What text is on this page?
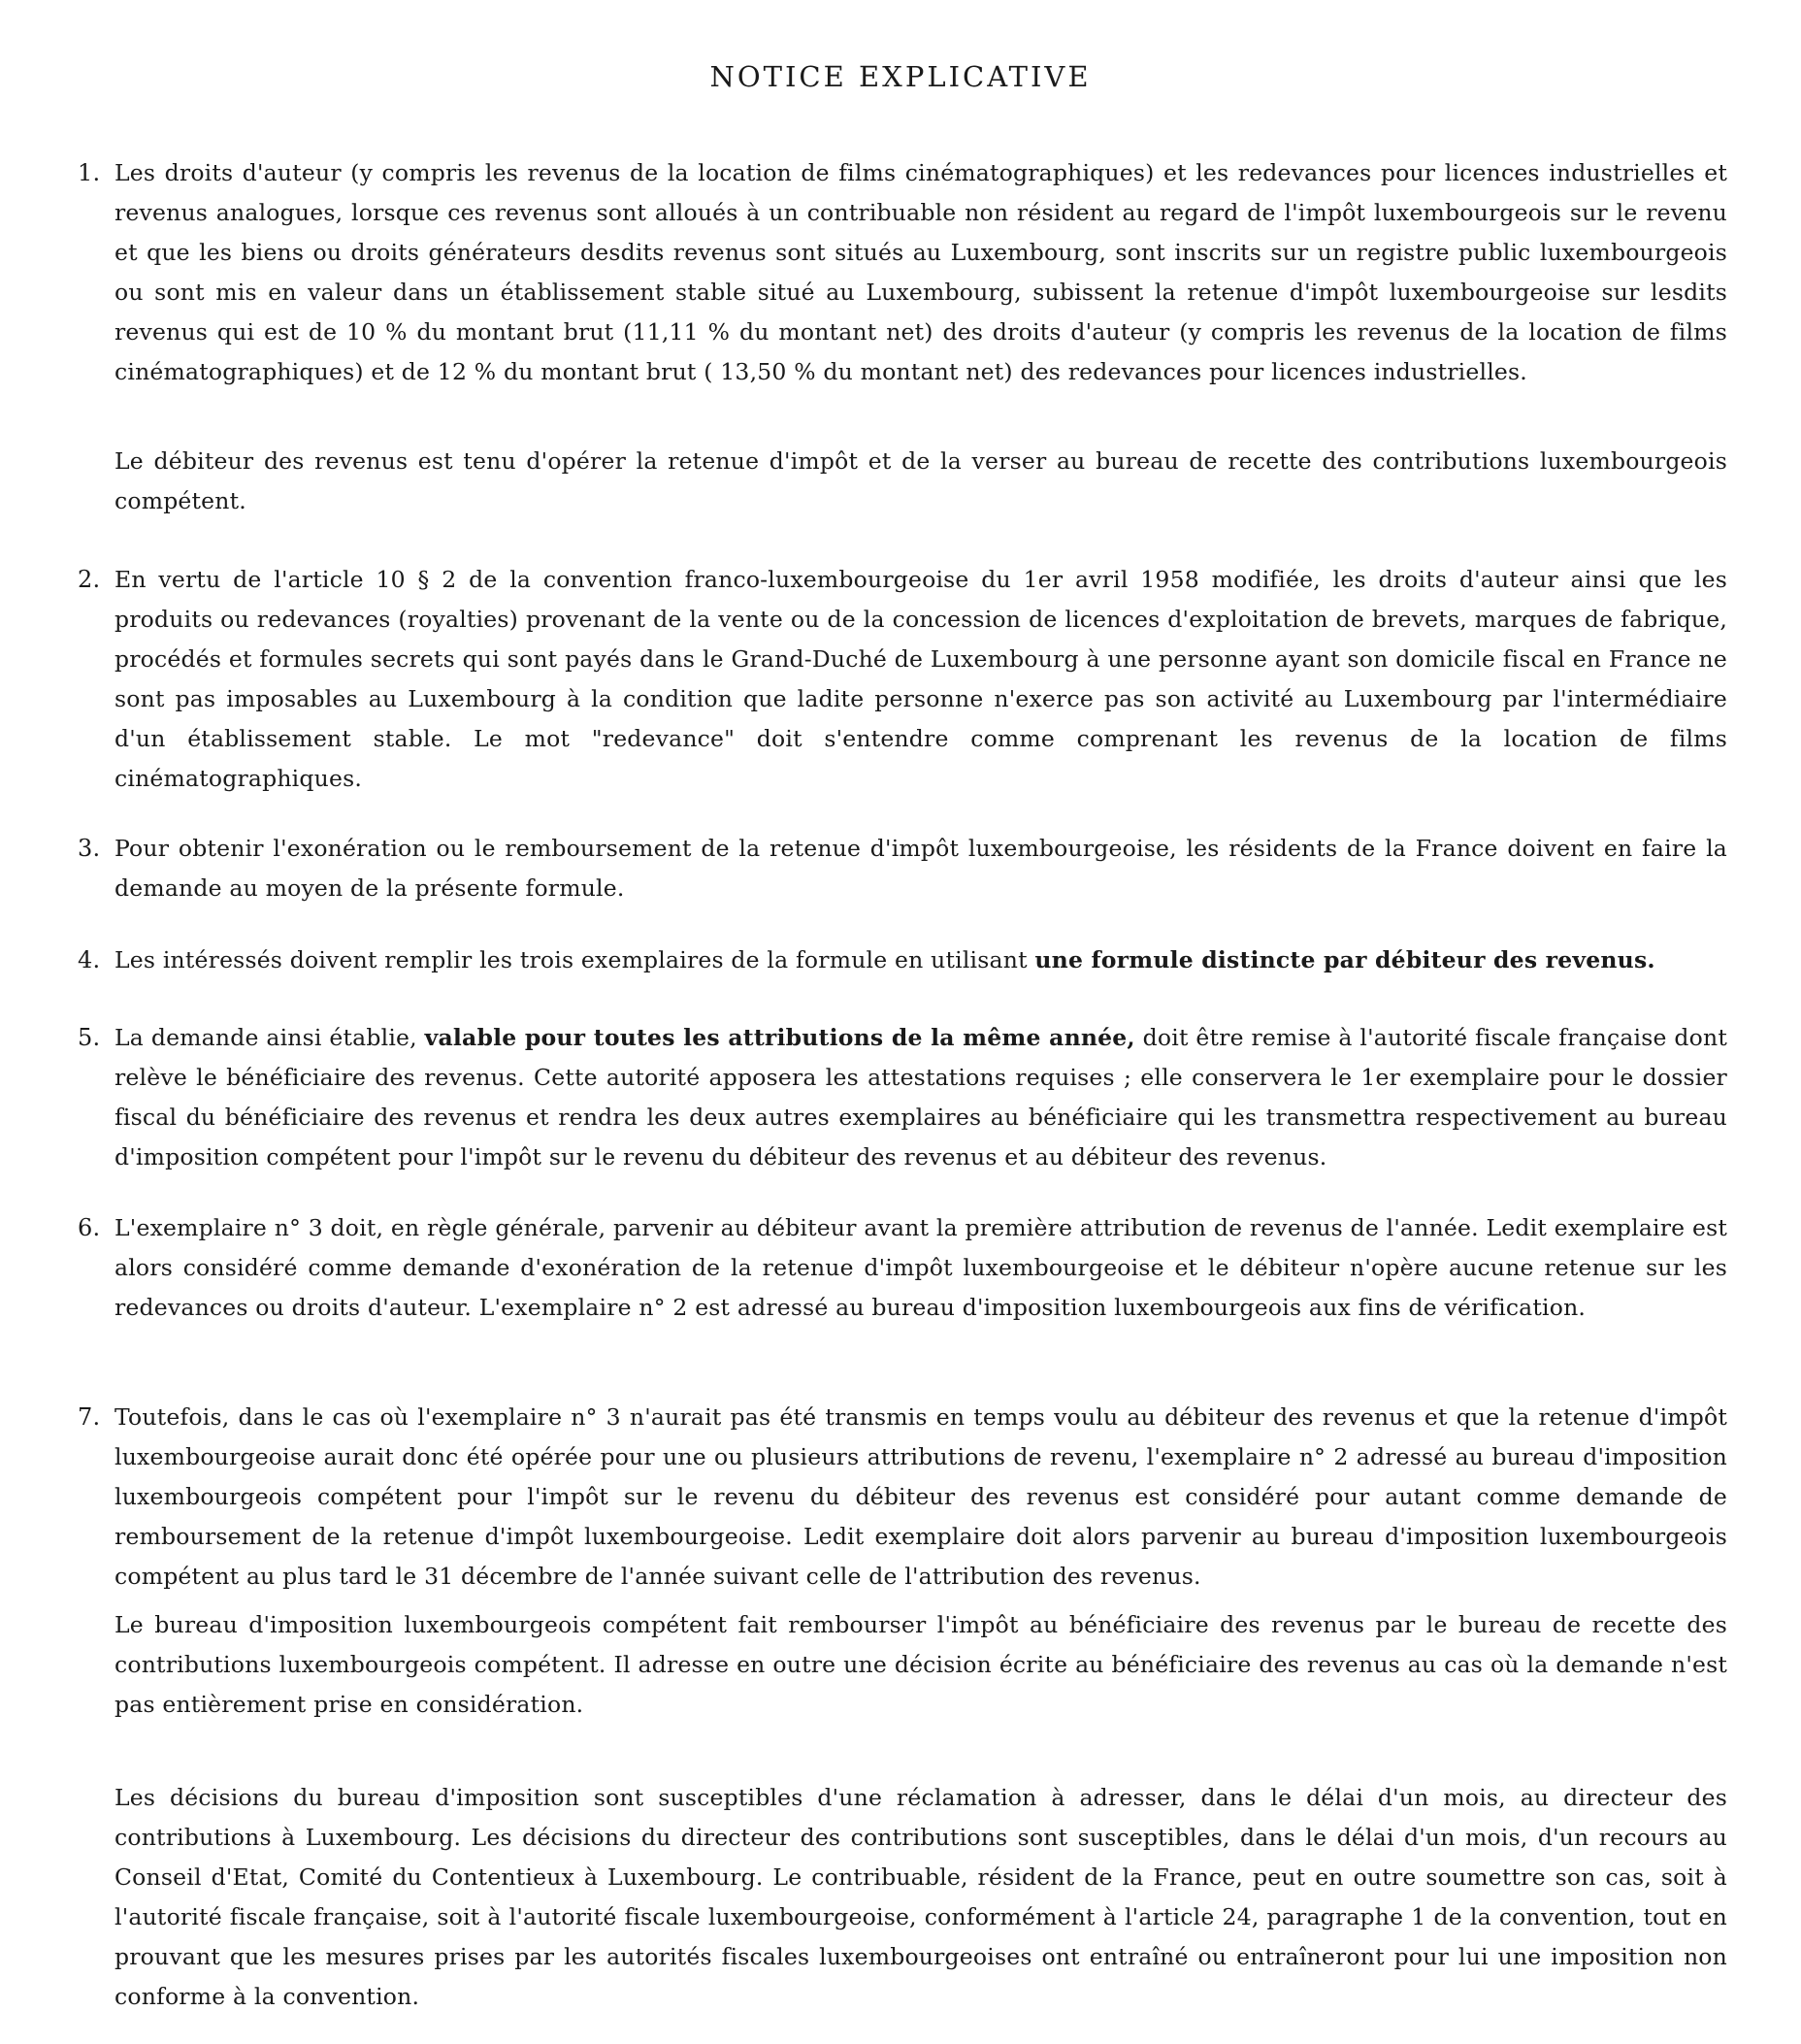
NOTICE EXPLICATIVE
1. Les droits d'auteur (y compris les revenus de la location de films cinématographiques) et les redevances pour licences industrielles et revenus analogues, lorsque ces revenus sont alloués à un contribuable non résident au regard de l'impôt luxembourgeois sur le revenu et que les biens ou droits générateurs desdits revenus sont situés au Luxembourg, sont inscrits sur un registre public luxembourgeois ou sont mis en valeur dans un établissement stable situé au Luxembourg, subissent la retenue d'impôt luxembourgeoise sur lesdits revenus qui est de 10 % du montant brut (11,11 % du montant net) des droits d'auteur (y compris les revenus de la location de films cinématographiques) et de 12 % du montant brut ( 13,50 % du montant net) des redevances pour licences industrielles.
Le débiteur des revenus est tenu d'opérer la retenue d'impôt et de la verser au bureau de recette des contributions luxembourgeois compétent.
2. En vertu de l'article 10 § 2 de la convention franco-luxembourgeoise du 1er avril 1958 modifiée, les droits d'auteur ainsi que les produits ou redevances (royalties) provenant de la vente ou de la concession de licences d'exploitation de brevets, marques de fabrique, procédés et formules secrets qui sont payés dans le Grand-Duché de Luxembourg à une personne ayant son domicile fiscal en France ne sont pas imposables au Luxembourg à la condition que ladite personne n'exerce pas son activité au Luxembourg par l'intermédiaire d'un établissement stable. Le mot "redevance" doit s'entendre comme comprenant les revenus de la location de films cinématographiques.
3. Pour obtenir l'exonération ou le remboursement de la retenue d'impôt luxembourgeoise, les résidents de la France doivent en faire la demande au moyen de la présente formule.
4. Les intéressés doivent remplir les trois exemplaires de la formule en utilisant une formule distincte par débiteur des revenus.
5. La demande ainsi établie, valable pour toutes les attributions de la même année, doit être remise à l'autorité fiscale française dont relève le bénéficiaire des revenus. Cette autorité apposera les attestations requises ; elle conservera le 1er exemplaire pour le dossier fiscal du bénéficiaire des revenus et rendra les deux autres exemplaires au bénéficiaire qui les transmettra respectivement au bureau d'imposition compétent pour l'impôt sur le revenu du débiteur des revenus et au débiteur des revenus.
6. L'exemplaire n° 3 doit, en règle générale, parvenir au débiteur avant la première attribution de revenus de l'année. Ledit exemplaire est alors considéré comme demande d'exonération de la retenue d'impôt luxembourgeoise et le débiteur n'opère aucune retenue sur les redevances ou droits d'auteur. L'exemplaire n° 2 est adressé au bureau d'imposition luxembourgeois aux fins de vérification.
7. Toutefois, dans le cas où l'exemplaire n° 3 n'aurait pas été transmis en temps voulu au débiteur des revenus et que la retenue d'impôt luxembourgeoise aurait donc été opérée pour une ou plusieurs attributions de revenu, l'exemplaire n° 2 adressé au bureau d'imposition luxembourgeois compétent pour l'impôt sur le revenu du débiteur des revenus est considéré pour autant comme demande de remboursement de la retenue d'impôt luxembourgeoise. Ledit exemplaire doit alors parvenir au bureau d'imposition luxembourgeois compétent au plus tard le 31 décembre de l'année suivant celle de l'attribution des revenus.
Le bureau d'imposition luxembourgeois compétent fait rembourser l'impôt au bénéficiaire des revenus par le bureau de recette des contributions luxembourgeois compétent. Il adresse en outre une décision écrite au bénéficiaire des revenus au cas où la demande n'est pas entièrement prise en considération.
Les décisions du bureau d'imposition sont susceptibles d'une réclamation à adresser, dans le délai d'un mois, au directeur des contributions à Luxembourg. Les décisions du directeur des contributions sont susceptibles, dans le délai d'un mois, d'un recours au Conseil d'Etat, Comité du Contentieux à Luxembourg. Le contribuable, résident de la France, peut en outre soumettre son cas, soit à l'autorité fiscale française, soit à l'autorité fiscale luxembourgeoise, conformément à l'article 24, paragraphe 1 de la convention, tout en prouvant que les mesures prises par les autorités fiscales luxembourgeoises ont entraîné ou entraîneront pour lui une imposition non conforme à la convention.
